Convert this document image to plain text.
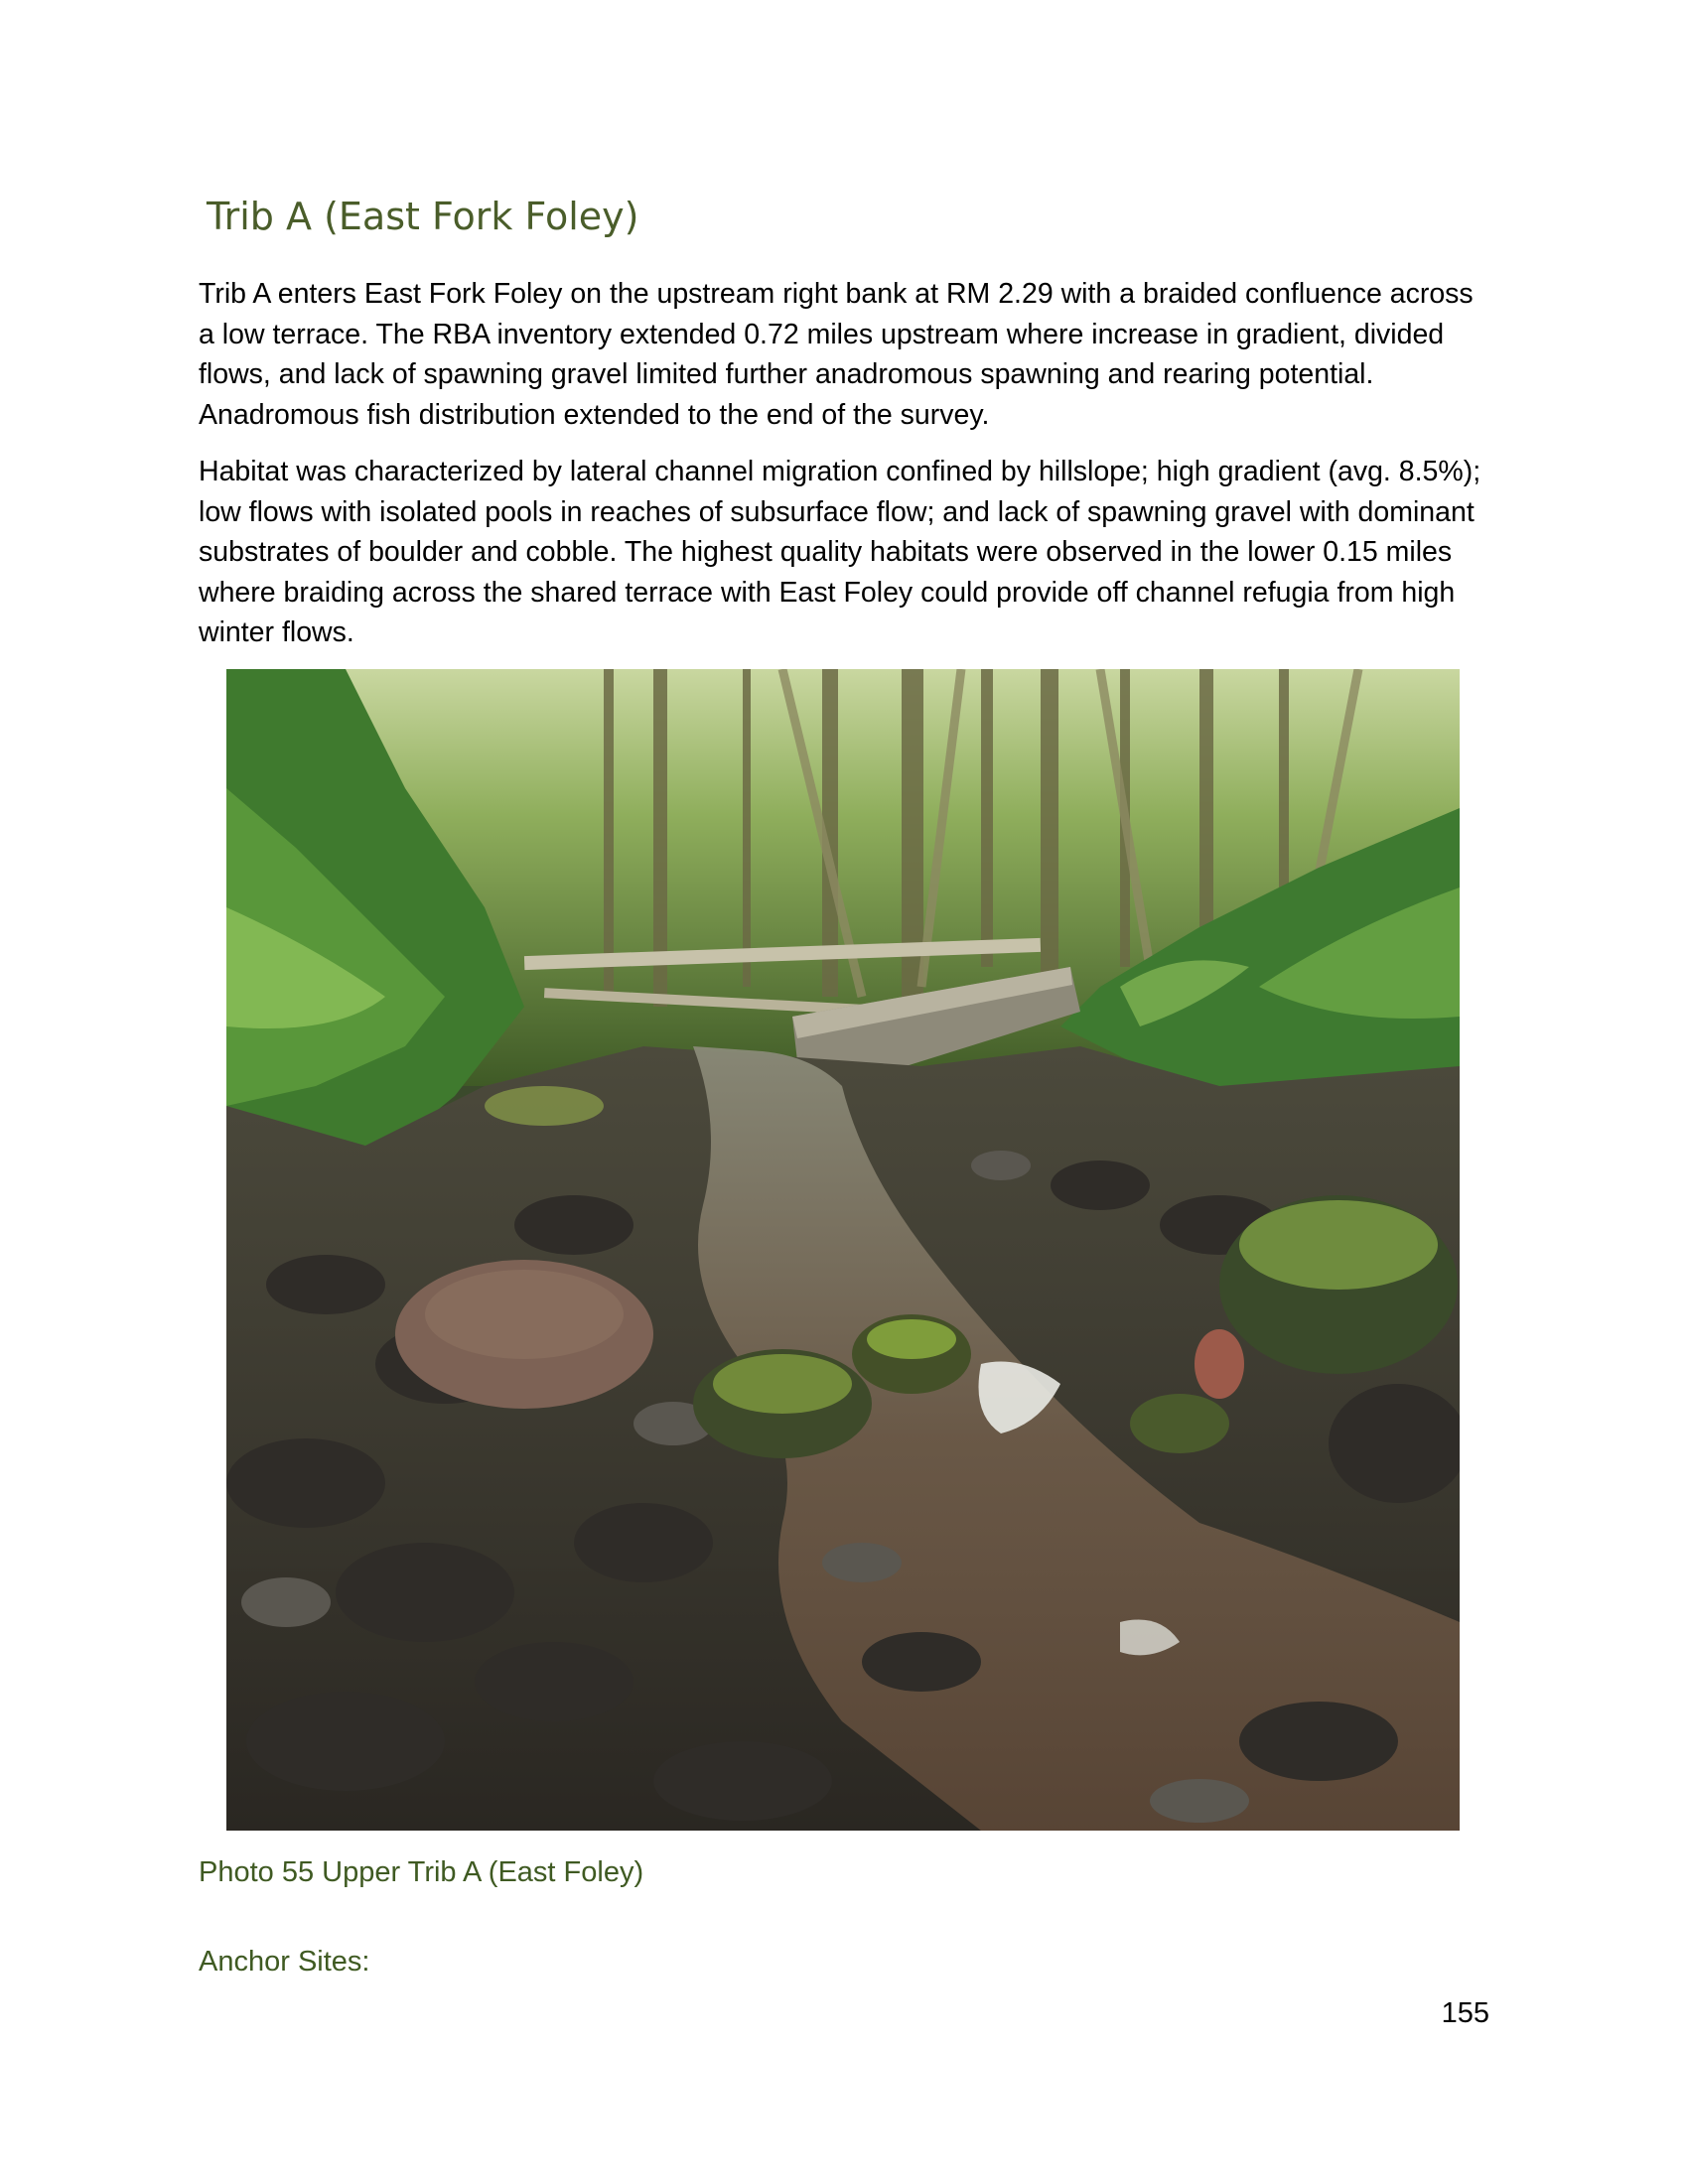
Trib A (East Fork Foley)

Trib A enters East Fork Foley on the upstream right bank at RM 2.29 with a braided confluence across a low terrace. The RBA inventory extended 0.72 miles upstream where increase in gradient, divided flows, and lack of spawning gravel limited further anadromous spawning and rearing potential. Anadromous fish distribution extended to the end of the survey.

Habitat was characterized by lateral channel migration confined by hillslope; high gradient (avg. 8.5%); low flows with isolated pools in reaches of subsurface flow; and lack of spawning gravel with dominant substrates of boulder and cobble. The highest quality habitats were observed in the lower 0.15 miles where braiding across the shared terrace with East Foley could provide off channel refugia from high winter flows.

Photo 55 Upper Trib A (East Foley)

Anchor Sites:

155
